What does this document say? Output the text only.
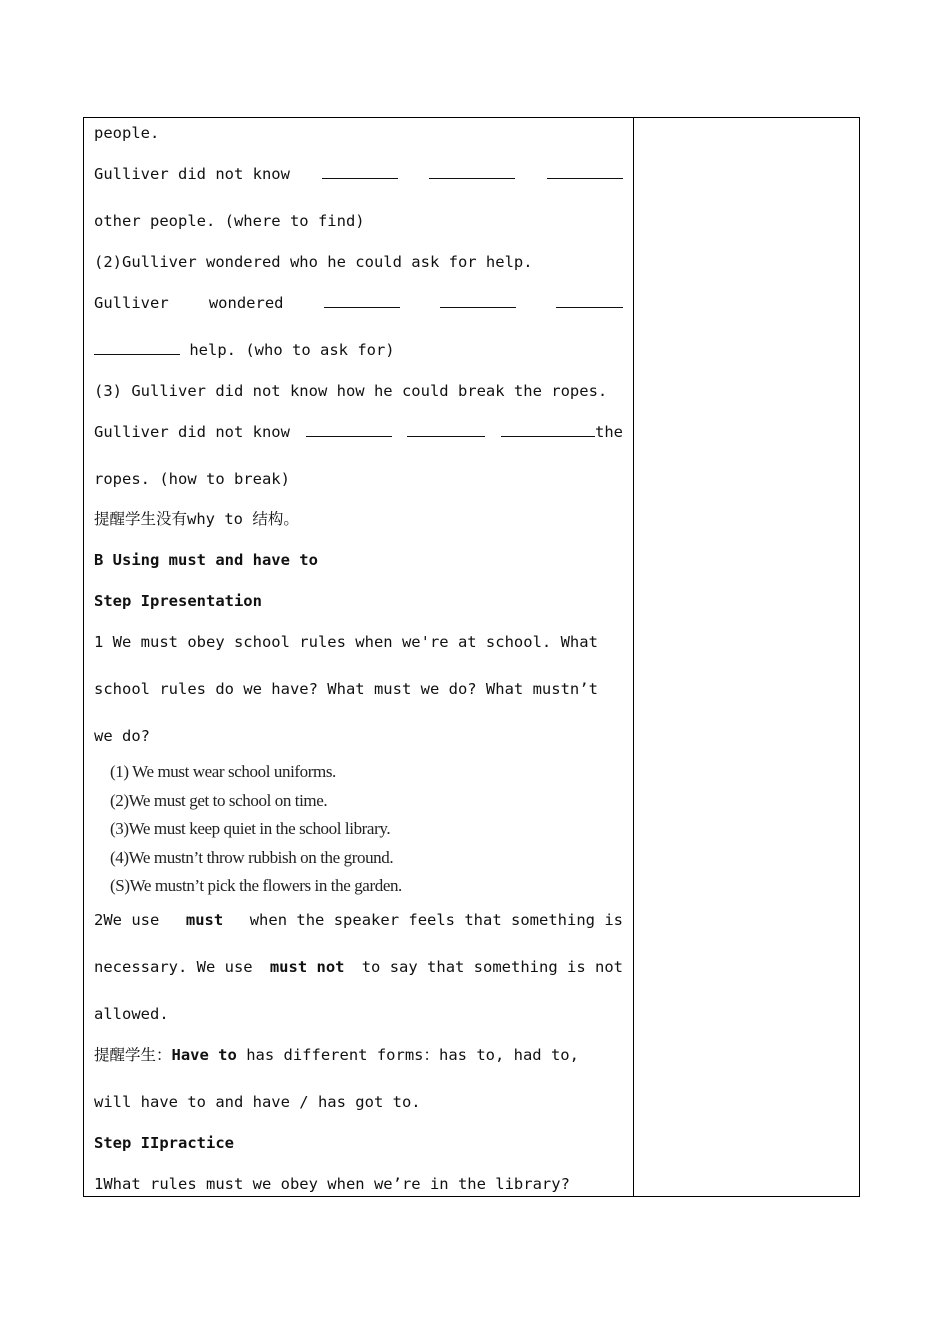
people.
Gulliver did not know
other people. (where to find)
(2)Gulliver wondered who he could ask for help.
Gulliver	wondered
help. (who to ask for)
(3) Gulliver did not know how he could break the ropes.
Gulliver did not know	the
ropes. (how to break)
提醒学生没有why to 结构。
B Using must and have to
Step Ipresentation
1 We must obey school rules when we're at school. What
school rules do we have? What must we do? What mustn’t
we do?
(1) We must wear school uniforms.
(2)We must get to school on time.
(3)We must keep quiet in the school library.
(4)We mustn’t throw rubbish on the ground.
(S)We mustn’t pick the flowers in the garden.
2We use must when the speaker feels that something is
necessary. We use must not to say that something is not
allowed.
提醒学生：Have to has different forms：has to, had to,
will have to and have / has got to.
Step IIpractice
1What rules must we obey when we’re in the library?
